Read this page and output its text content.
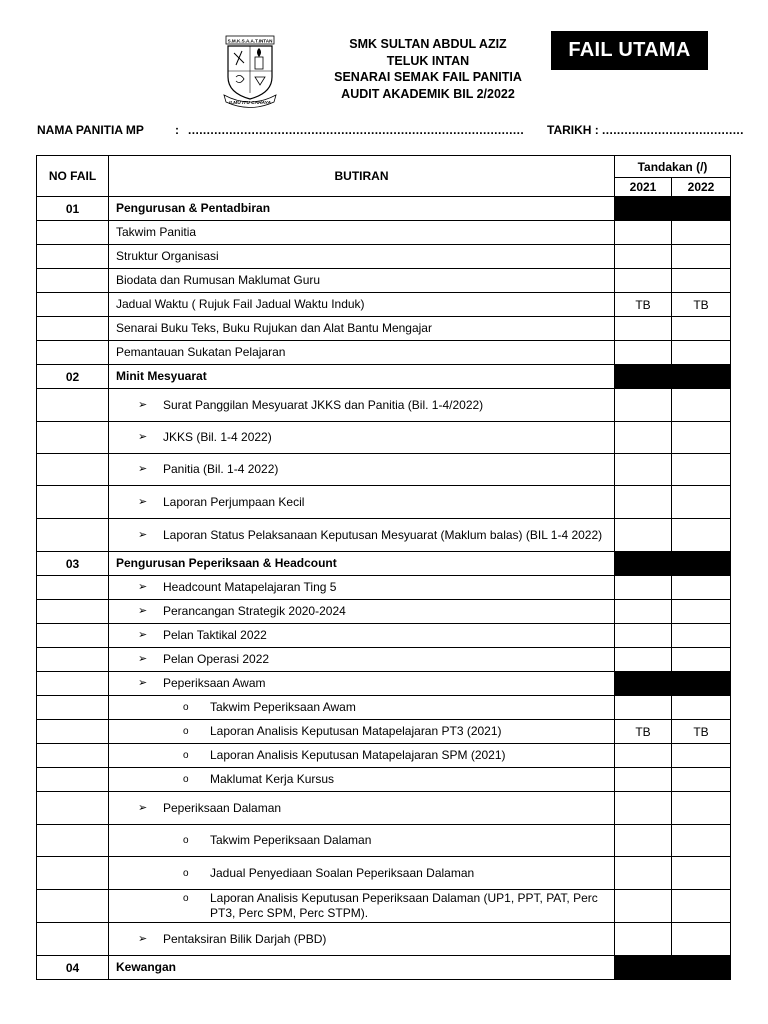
S.M.K.S.A.A.T.INTAN
ILMU ITU CAHAYA
SMK SULTAN ABDUL AZIZ
TELUK INTAN
SENARAI SEMAK FAIL PANITIA
AUDIT AKADEMIK BIL 2/2022
FAIL UTAMA
NAMA PANITIA MP	: .......................................................................................... TARIKH : ......................................
NO FAIL	BUTIRAN	Tandakan (/)	
		2021	2022
01	Pengurusan & Pentadbiran		
	Takwim Panitia		
	Struktur Organisasi		
	Biodata dan Rumusan Maklumat Guru		
	Jadual Waktu ( Rujuk Fail Jadual Waktu Induk)	TB	TB
	Senarai Buku Teks, Buku Rujukan dan Alat Bantu Mengajar		
	Pemantauan Sukatan Pelajaran		
02	Minit Mesyuarat		

	➢ Surat Panggilan Mesyuarat JKKS dan Panitia (Bil. 1-4/2022)		

	➢ JKKS (Bil. 1-4 2022)		

	➢ Panitia (Bil. 1-4 2022)		

	➢ Laporan Perjumpaan Kecil		

	➢ Laporan Status Pelaksanaan Keputusan Mesyuarat (Maklum balas) (BIL 1-4 2022)		

03	Pengurusan Peperiksaan & Headcount		

	➢ Headcount Matapelajaran Ting 5		

	➢ Perancangan Strategik 2020-2024		

	➢ Pelan Taktikal 2022		

	➢ Pelan Operasi 2022		

	➢ Peperiksaan Awam		

	o Takwim Peperiksaan Awam		

	o Laporan Analisis Keputusan Matapelajaran PT3 (2021)	TB	TB

	o Laporan Analisis Keputusan Matapelajaran SPM (2021)		

	o Maklumat Kerja Kursus		

	➢ Peperiksaan Dalaman		

	o Takwim Peperiksaan Dalaman		

	o Jadual Penyediaan Soalan Peperiksaan Dalaman		

	o Laporan Analisis Keputusan Peperiksaan Dalaman (UP1, PPT, PAT, Perc PT3, Perc SPM, Perc STPM).		

	➢ Pentaksiran Bilik Darjah (PBD)		

04	Kewangan		
